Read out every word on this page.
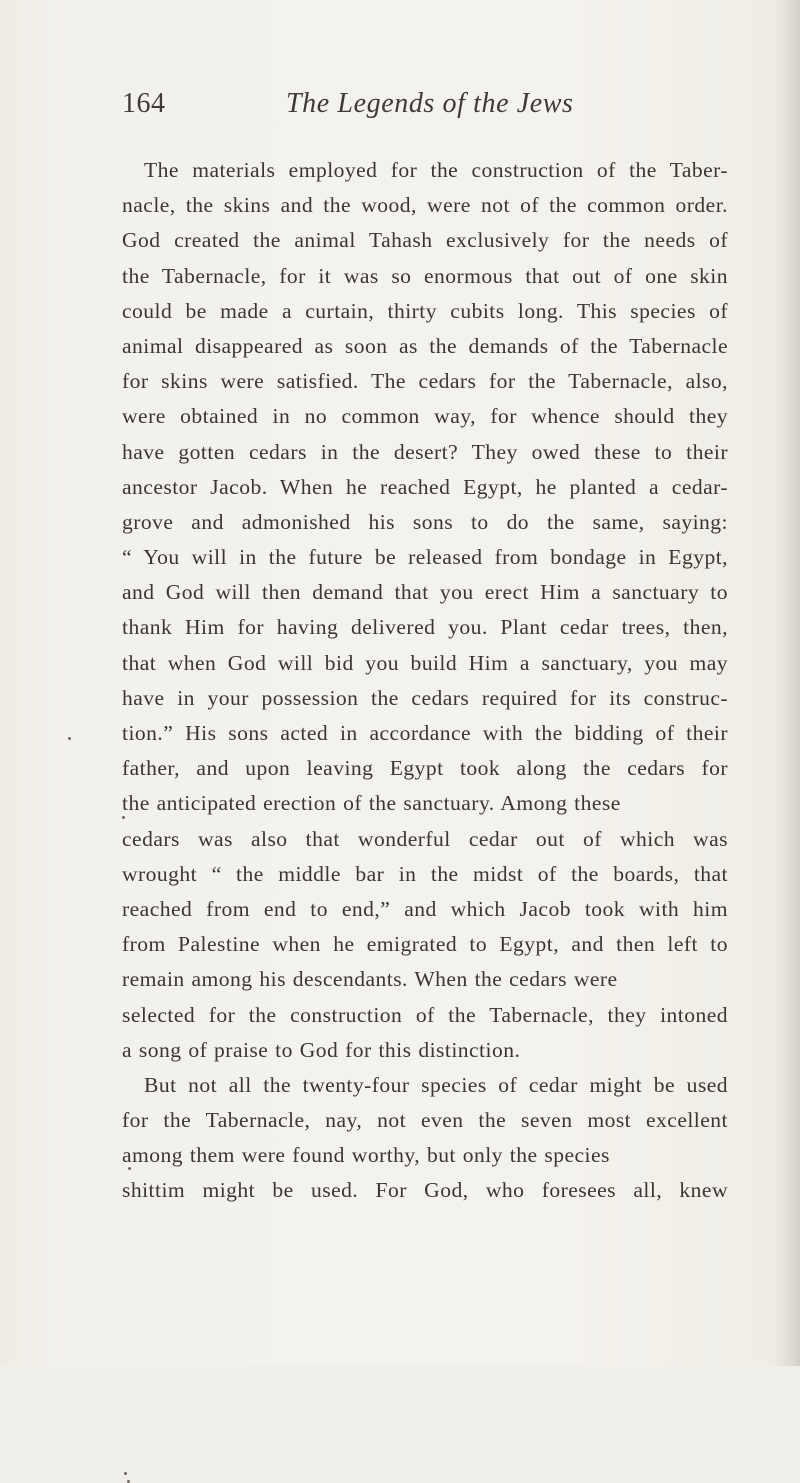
164	The Legends of the Jews
The materials employed for the construction of the Taber-
nacle, the skins and the wood, were not of the common order.
God created the animal Tahash exclusively for the needs of
the Tabernacle, for it was so enormous that out of one skin
could be made a curtain, thirty cubits long. This species of
animal disappeared as soon as the demands of the Tabernacle
for skins were satisfied. The cedars for the Tabernacle, also,
were obtained in no common way, for whence should they
have gotten cedars in the desert? They owed these to their
ancestor Jacob. When he reached Egypt, he planted a cedar-
grove and admonished his sons to do the same, saying:
“ You will in the future be released from bondage in Egypt,
and God will then demand that you erect Him a sanctuary to
thank Him for having delivered you. Plant cedar trees, then,
that when God will bid you build Him a sanctuary, you may
have in your possession the cedars required for its construc-
tion.” His sons acted in accordance with the bidding of their
father, and upon leaving Egypt took along the cedars for
the anticipated erection of the sanctuary. Among these
cedars was also that wonderful cedar out of which was
wrought “ the middle bar in the midst of the boards, that
reached from end to end,” and which Jacob took with him
from Palestine when he emigrated to Egypt, and then left to
remain among his descendants. When the cedars were
selected for the construction of the Tabernacle, they intoned
a song of praise to God for this distinction.
But not all the twenty-four species of cedar might be used
for the Tabernacle, nay, not even the seven most excellent
among them were found worthy, but only the species
shittim might be used. For God, who foresees all, knew
